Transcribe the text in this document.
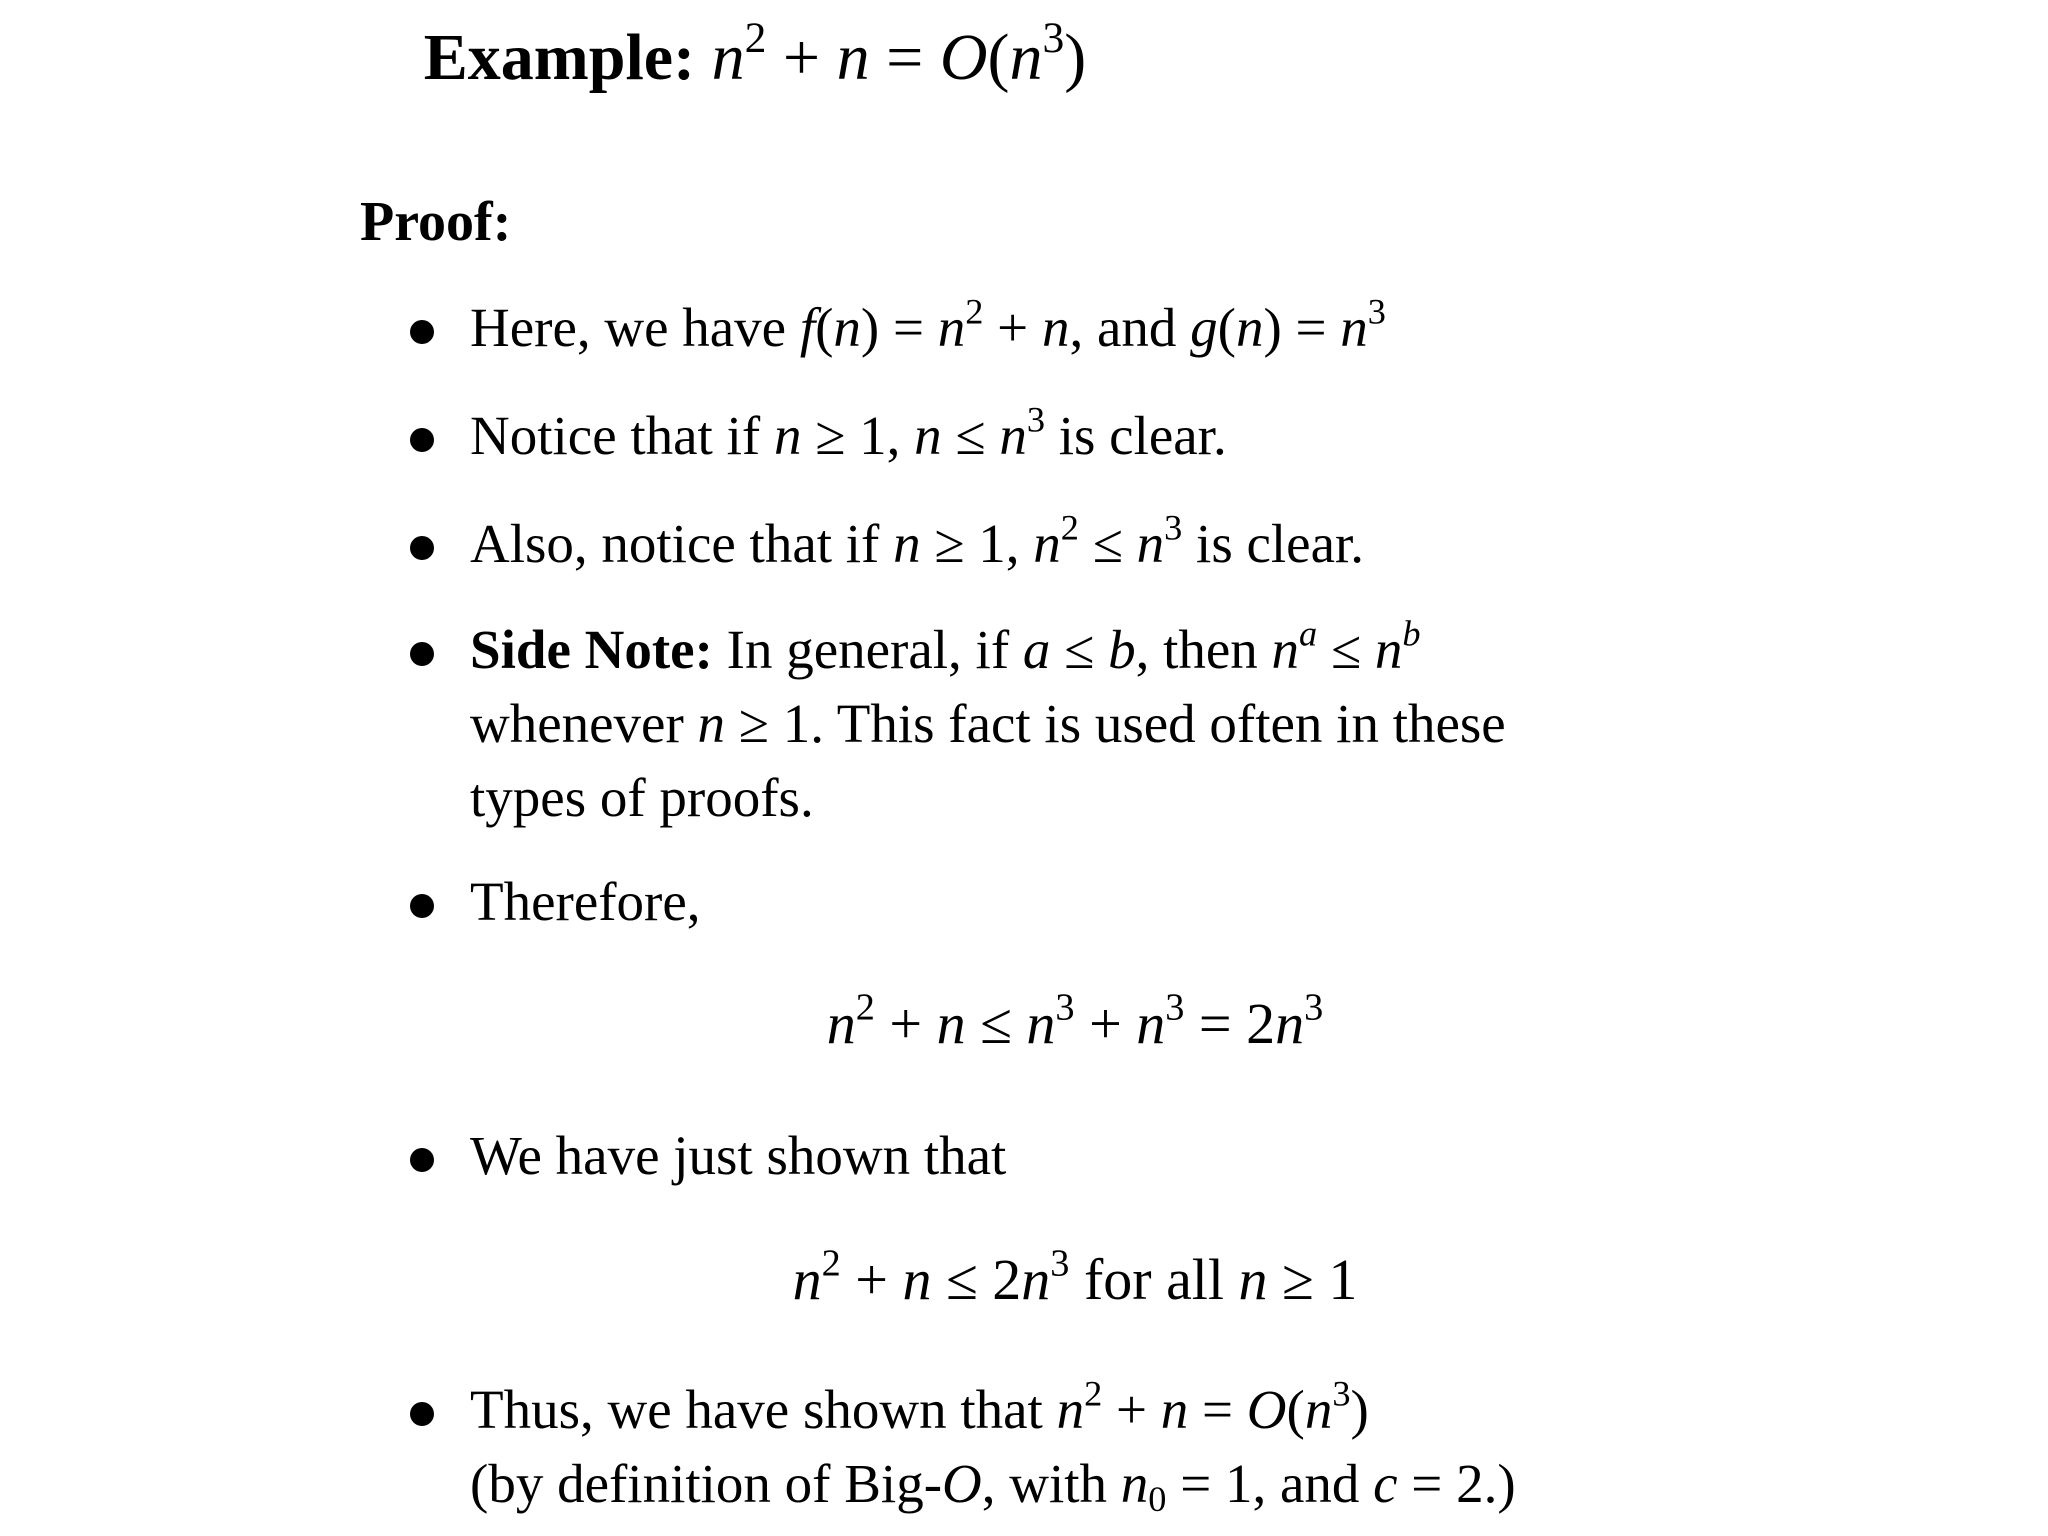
Example: $n^2 + n = O(n^3)$
Proof:
Here, we have $f(n) = n^2 + n$, and $g(n) = n^3$
Notice that if n ≥ 1, $n \le n^3$ is clear.
Also, notice that if n ≥ 1, $n^2 \le n^3$ is clear.
Side Note: In general, if a ≤ b, then $n^a \le n^b$
whenever n ≥ 1. This fact is used often in these
types of proofs.
Therefore,
$n^2 + n \le n^3 + n^3 = 2n^3$
We have just shown that
$n^2 + n \le 2n^3$ for all n ≥ 1
Thus, we have shown that $n^2 + n = O(n^3)$
(by definition of Big-O, with $n_0 = 1$, and c = 2.)
